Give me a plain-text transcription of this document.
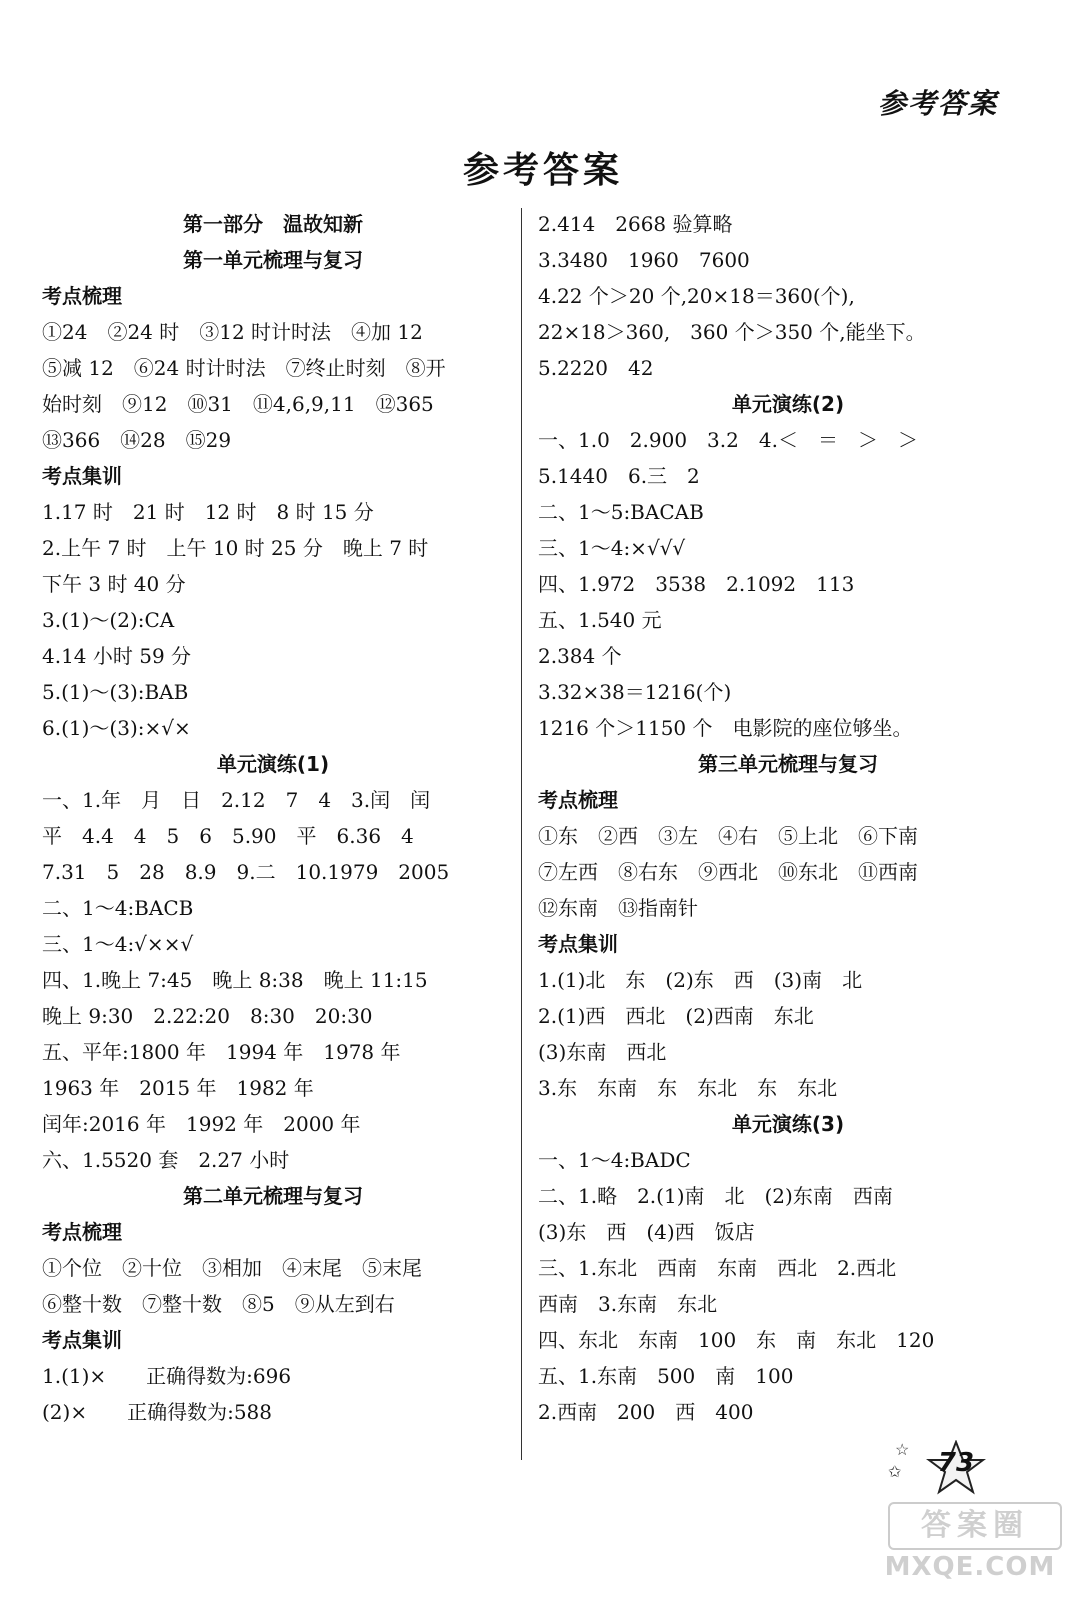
参考答案
参考答案
第一部分　温故知新
第一单元梳理与复习
考点梳理
①24　②24 时　③12 时计时法　④加 12
⑤减 12　⑥24 时计时法　⑦终止时刻　⑧开
始时刻　⑨12　⑩31　⑪4,6,9,11　⑫365
⑬366　⑭28　⑮29
考点集训
1.17 时　21 时　12 时　8 时 15 分
2.上午 7 时　上午 10 时 25 分　晚上 7 时
下午 3 时 40 分
3.(1)～(2):CA
4.14 小时 59 分
5.(1)～(3):BAB
6.(1)～(3):×√×
单元演练(1)
一、1.年　月　日　2.12　7　4　3.闰　闰
平　4.4　4　5　6　5.90　平　6.36　4
7.31　5　28　8.9　9.二　10.1979　2005
二、1～4:BACB
三、1～4:√××√
四、1.晚上 7:45　晚上 8:38　晚上 11:15
晚上 9:30　2.22:20　8:30　20:30
五、平年:1800 年　1994 年　1978 年
1963 年　2015 年　1982 年
闰年:2016 年　1992 年　2000 年
六、1.5520 套　2.27 小时
第二单元梳理与复习
考点梳理
①个位　②十位　③相加　④末尾　⑤末尾
⑥整十数　⑦整十数　⑧5　⑨从左到右
考点集训
1.(1)×　　正确得数为:696
(2)×　　正确得数为:588
2.414　2668 验算略
3.3480　1960　7600
4.22 个＞20 个,20×18＝360(个),
22×18＞360,　360 个＞350 个,能坐下。
5.2220　42
单元演练(2)
一、1.0　2.900　3.2　4.＜　＝　＞　＞
5.1440　6.三　2
二、1～5:BACAB
三、1～4:×√√√
四、1.972　3538　2.1092　113
五、1.540 元
2.384 个
3.32×38＝1216(个)
1216 个＞1150 个　电影院的座位够坐。
第三单元梳理与复习
考点梳理
①东　②西　③左　④右　⑤上北　⑥下南
⑦左西　⑧右东　⑨西北　⑩东北　⑪西南
⑫东南　⑬指南针
考点集训
1.(1)北　东　(2)东　西　(3)南　北
2.(1)西　西北　(2)西南　东北
(3)东南　西北
3.东　东南　东　东北　东　东北
单元演练(3)
一、1～4:BADC
二、1.略　2.(1)南　北　(2)东南　西南
(3)东　西　(4)西　饭店
三、1.东北　西南　东南　西北　2.西北
西南　3.东南　东北
四、东北　东南　100　东　南　东北　120
五、1.东南　500　南　100
2.西南　200　西　400
☆
✩	73
答案圈
MXQE.COM
